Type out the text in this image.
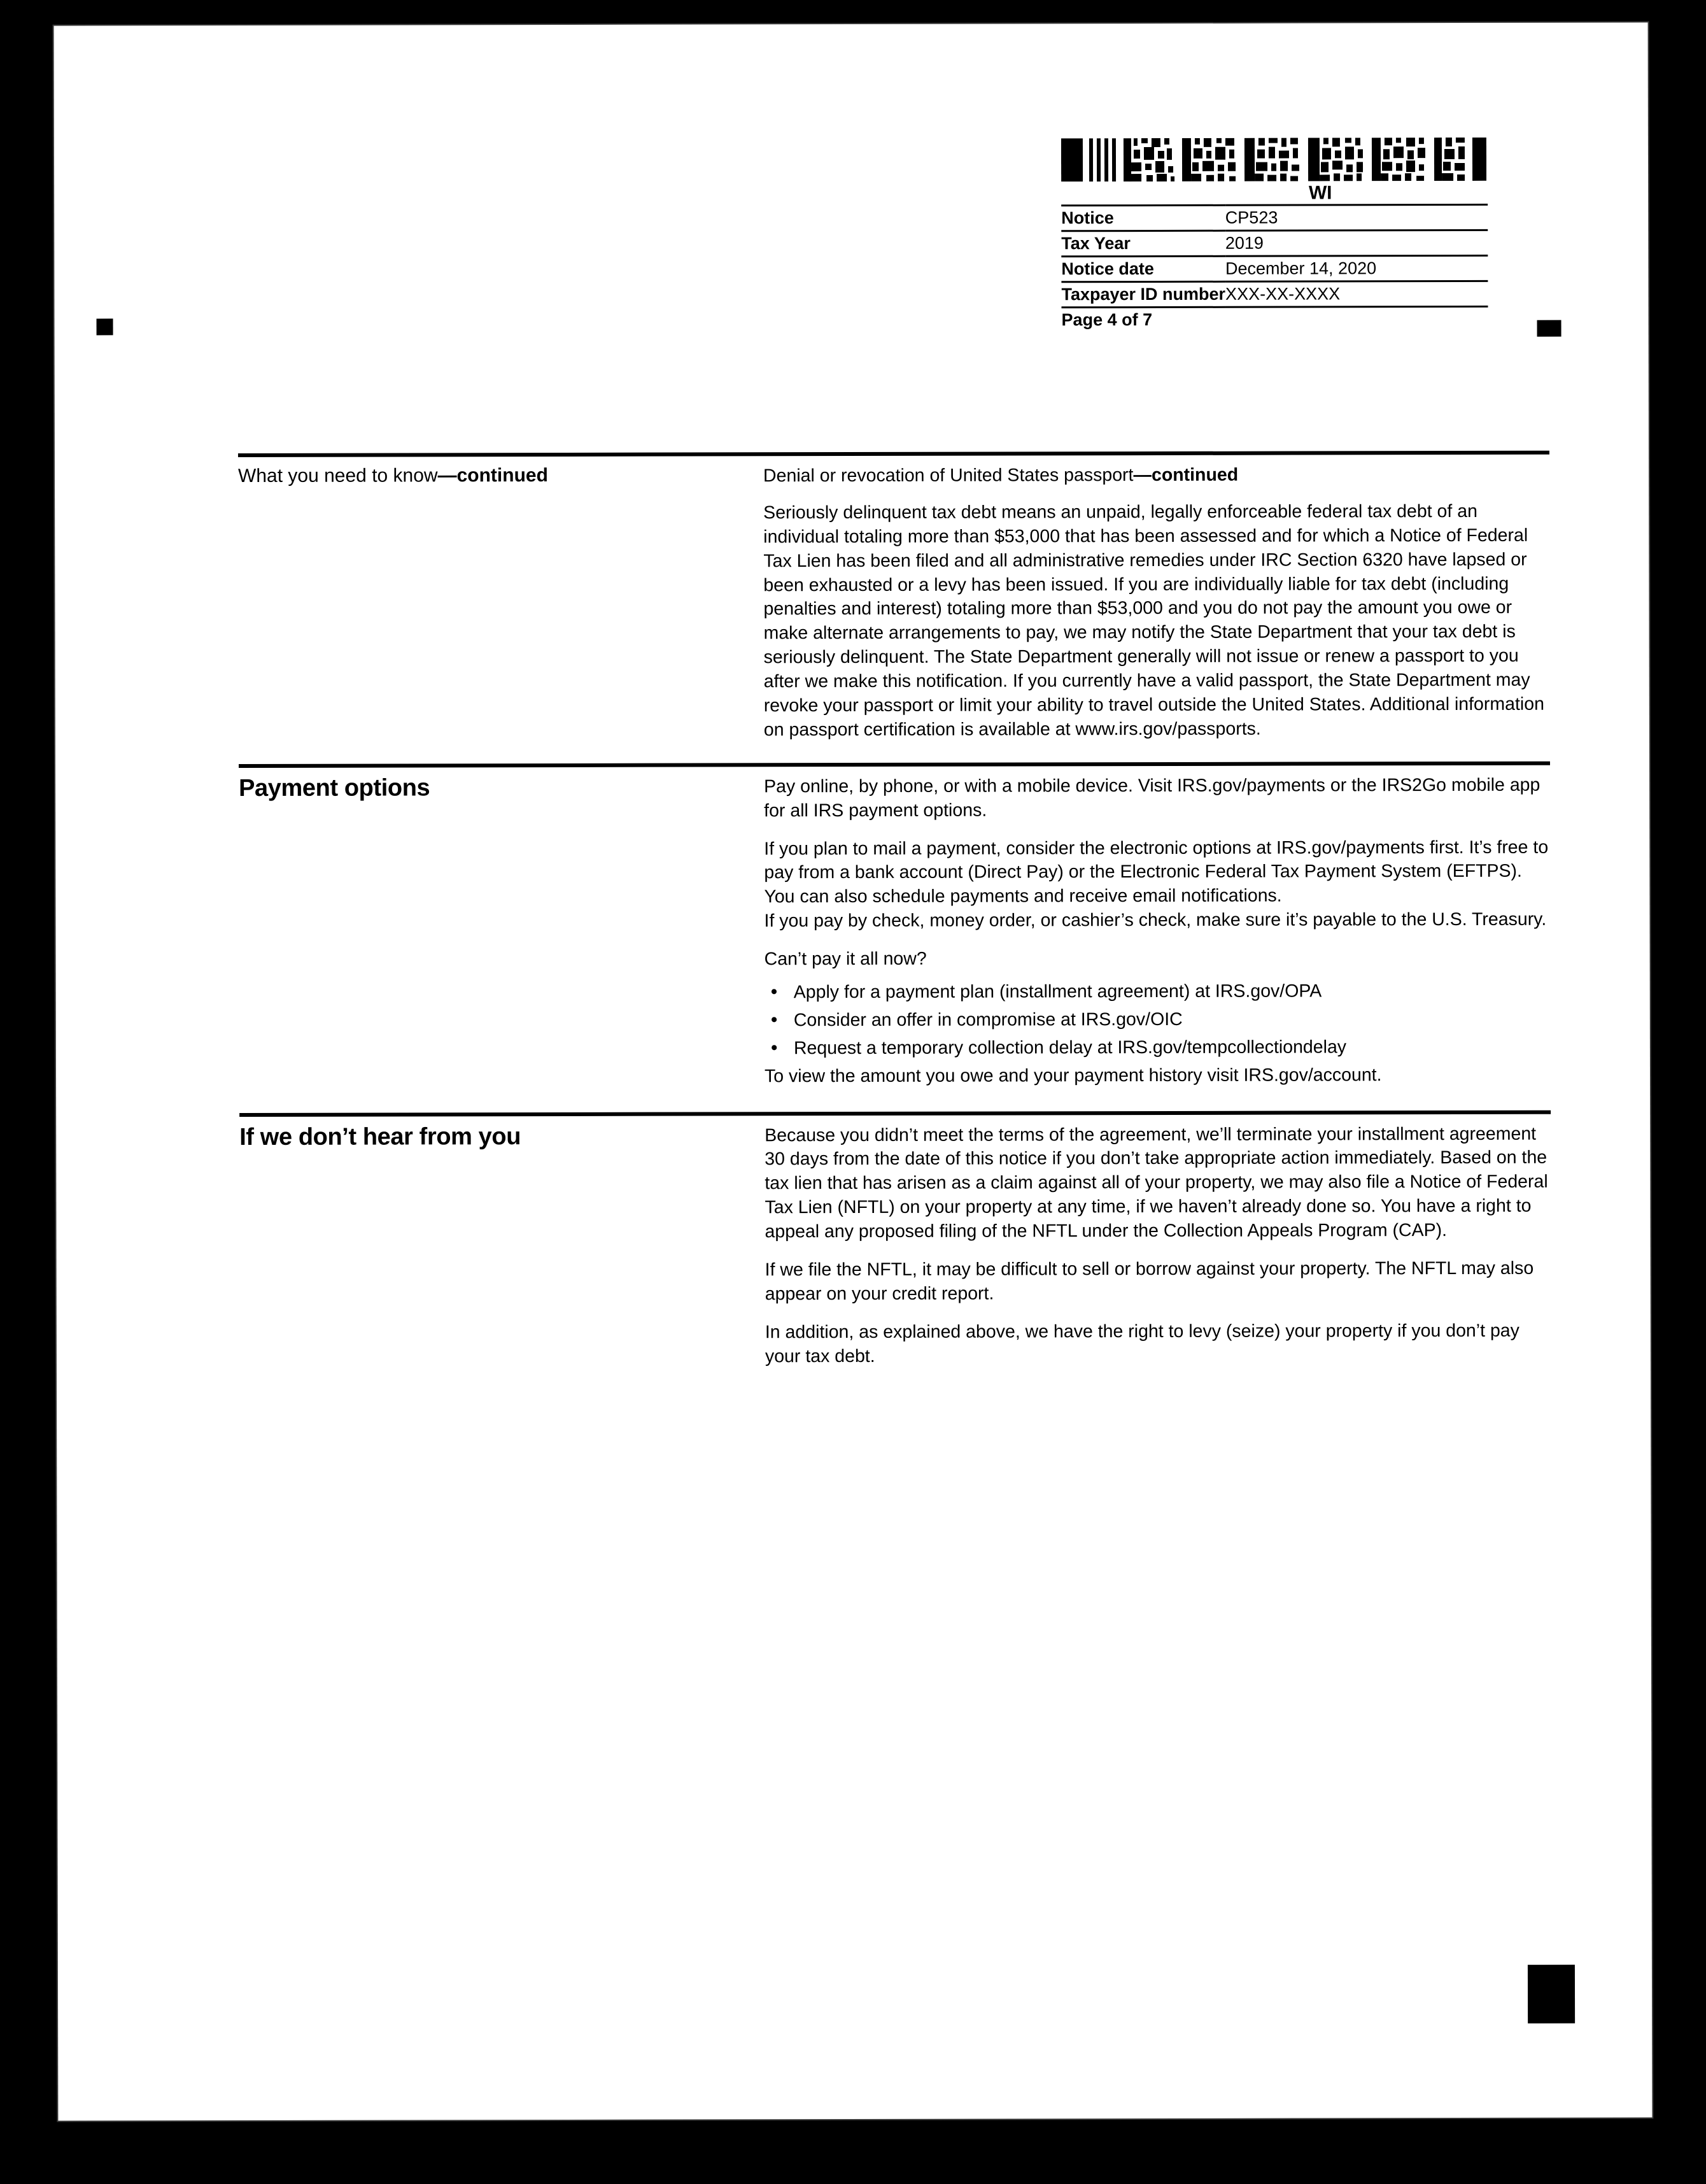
WI
Notice	CP523
Tax Year	2019
Notice date	December 14, 2020
Taxpayer ID number	XXX-XX-XXXX
Page 4 of 7	
What you need to know—continued	Denial or revocation of United States passport—continued

Seriously delinquent tax debt means an unpaid, legally enforceable federal tax debt of an individual totaling more than $53,000 that has been assessed and for which a Notice of Federal Tax Lien has been filed and all administrative remedies under IRC Section 6320 have lapsed or been exhausted or a levy has been issued. If you are individually liable for tax debt (including penalties and interest) totaling more than $53,000 and you do not pay the amount you owe or make alternate arrangements to pay, we may notify the State Department that your tax debt is seriously delinquent. The State Department generally will not issue or renew a passport to you after we make this notification. If you currently have a valid passport, the State Department may revoke your passport or limit your ability to travel outside the United States. Additional information on passport certification is available at www.irs.gov/passports.

Payment options	Pay online, by phone, or with a mobile device. Visit IRS.gov/payments or the IRS2Go mobile app for all IRS payment options.

If you plan to mail a payment, consider the electronic options at IRS.gov/payments first. It’s free to pay from a bank account (Direct Pay) or the Electronic Federal Tax Payment System (EFTPS). You can also schedule payments and receive email notifications.

If you pay by check, money order, or cashier’s check, make sure it’s payable to the U.S. Treasury.

Can’t pay it all now?

• Apply for a payment plan (installment agreement) at IRS.gov/OPA
• Consider an offer in compromise at IRS.gov/OIC
• Request a temporary collection delay at IRS.gov/tempcollectiondelay

To view the amount you owe and your payment history visit IRS.gov/account.

If we don’t hear from you	Because you didn’t meet the terms of the agreement, we’ll terminate your installment agreement 30 days from the date of this notice if you don’t take appropriate action immediately. Based on the tax lien that has arisen as a claim against all of your property, we may also file a Notice of Federal Tax Lien (NFTL) on your property at any time, if we haven’t already done so. You have a right to appeal any proposed filing of the NFTL under the Collection Appeals Program (CAP).

If we file the NFTL, it may be difficult to sell or borrow against your property. The NFTL may also appear on your credit report.

In addition, as explained above, we have the right to levy (seize) your property if you don’t pay your tax debt.
